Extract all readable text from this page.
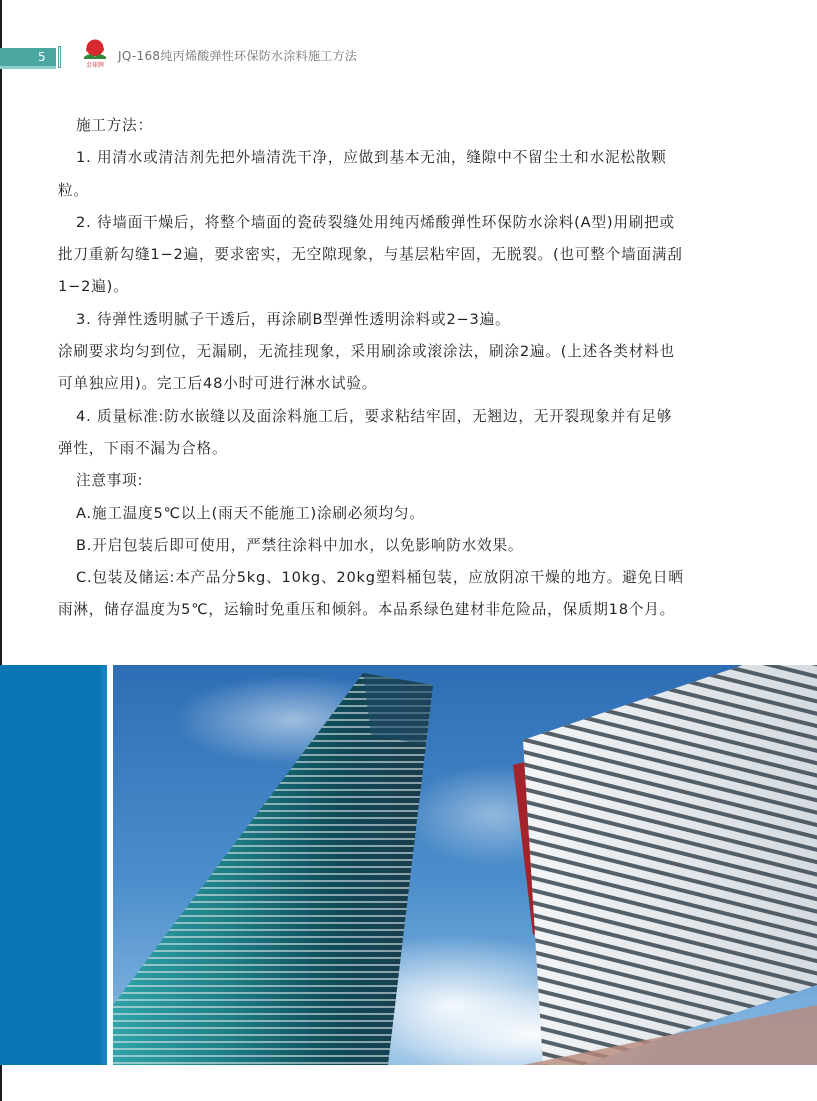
5
金球牌
JQ-168纯丙烯酸弹性环保防水涂料施工方法

施工方法：

1. 用清水或清洁剂先把外墙清洗干净，应做到基本无油，缝隙中不留尘土和水泥松散颗

粒。

2. 待墙面干燥后，将整个墙面的瓷砖裂缝处用纯丙烯酸弹性环保防水涂料(A型)用刷把或

批刀重新勾缝1−2遍，要求密实，无空隙现象，与基层粘牢固，无脱裂。(也可整个墙面满刮

1−2遍)。

3. 待弹性透明腻子干透后，再涂刷B型弹性透明涂料或2−3遍。

涂刷要求均匀到位，无漏刷，无流挂现象，采用刷涂或滚涂法，刷涂2遍。(上述各类材料也

可单独应用)。完工后48小时可进行淋水试验。

4. 质量标准:防水嵌缝以及面涂料施工后，要求粘结牢固，无翘边，无开裂现象并有足够

弹性，下雨不漏为合格。

注意事项:

A.施工温度5℃以上(雨天不能施工)涂刷必须均匀。

B.开启包装后即可使用，严禁往涂料中加水，以免影响防水效果。

C.包装及储运:本产品分5kg、10kg、20kg塑料桶包装，应放阴凉干燥的地方。避免日晒

雨淋，储存温度为5℃，运输时免重压和倾斜。本品系绿色建材非危险品，保质期18个月。
